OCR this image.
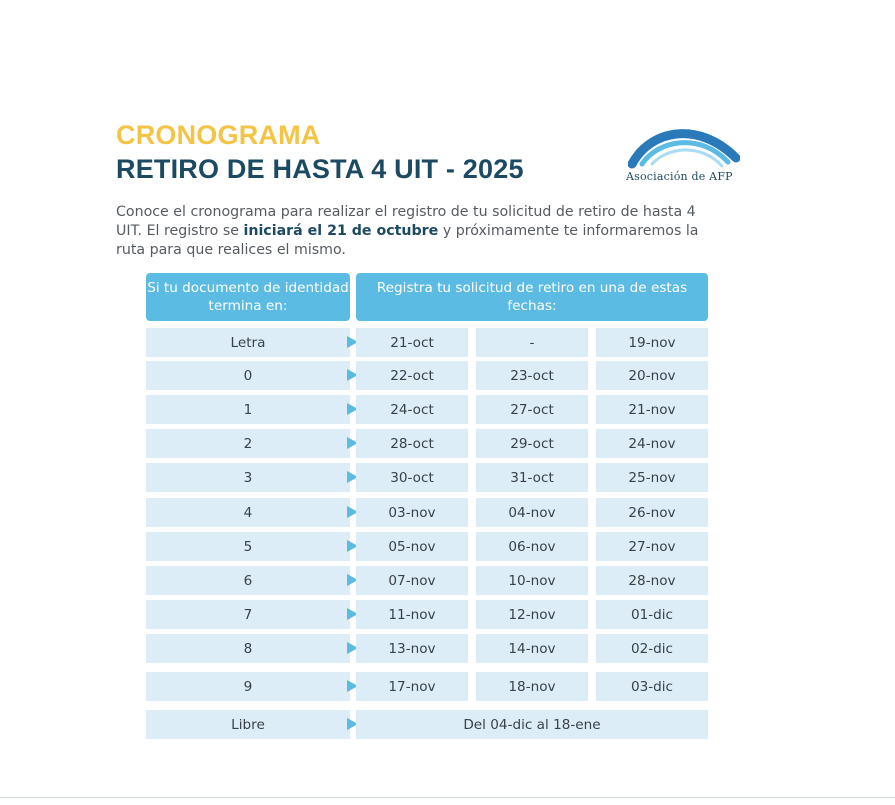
CRONOGRAMA
RETIRO DE HASTA 4 UIT - 2025	Asociación de AFP

Conoce el cronograma para realizar el registro de tu solicitud de retiro de hasta 4 UIT. El registro se iniciará el 21 de octubre y próximamente te informaremos la ruta para que realices el mismo.

Si tu documento de identidad termina en:
Registra tu solicitud de retiro en una de estas fechas:
Letra	21-oct	-	19-nov
0	22-oct	23-oct	20-nov
1	24-oct	27-oct	21-nov
2	28-oct	29-oct	24-nov
3	30-oct	31-oct	25-nov
4	03-nov	04-nov	26-nov
5	05-nov	06-nov	27-nov
6	07-nov	10-nov	28-nov
7	11-nov	12-nov	01-dic
8	13-nov	14-nov	02-dic
9	17-nov	18-nov	03-dic
Libre	Del 04-dic al 18-ene
